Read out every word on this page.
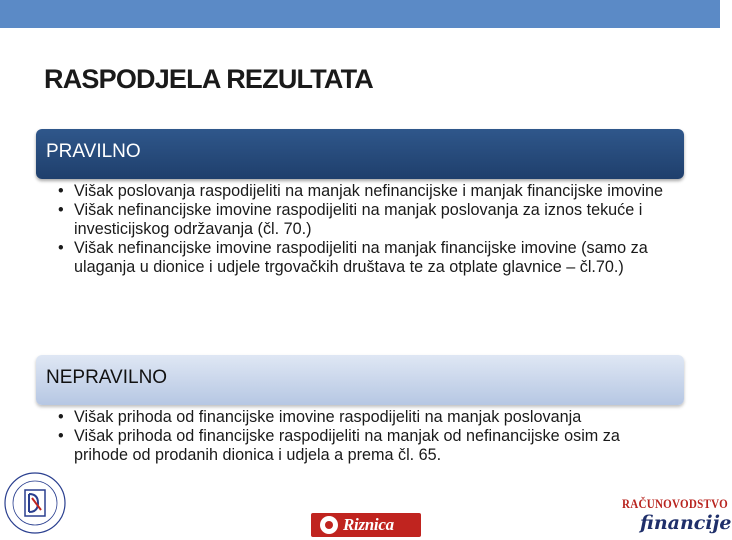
RASPODJELA REZULTATA
PRAVILNO
• Višak poslovanja raspodijeliti na manjak nefinancijske i manjak financijske imovine
• Višak nefinancijske imovine raspodijeliti na manjak poslovanja za iznos tekuće i investicijskog održavanja (čl. 70.)
• Višak nefinancijske imovine raspodijeliti na manjak financijske imovine (samo za ulaganja u dionice i udjele trgovačkih društava te za otplate glavnice – čl.70.)
NEPRAVILNO
• Višak prihoda od financijske imovine raspodijeliti na manjak poslovanja
• Višak prihoda od financijske raspodijeliti na manjak od nefinancijske osim za prihode od prodanih dionica i udjela a prema čl. 65.
Riznica
RAČUNOVODSTVO
financije
